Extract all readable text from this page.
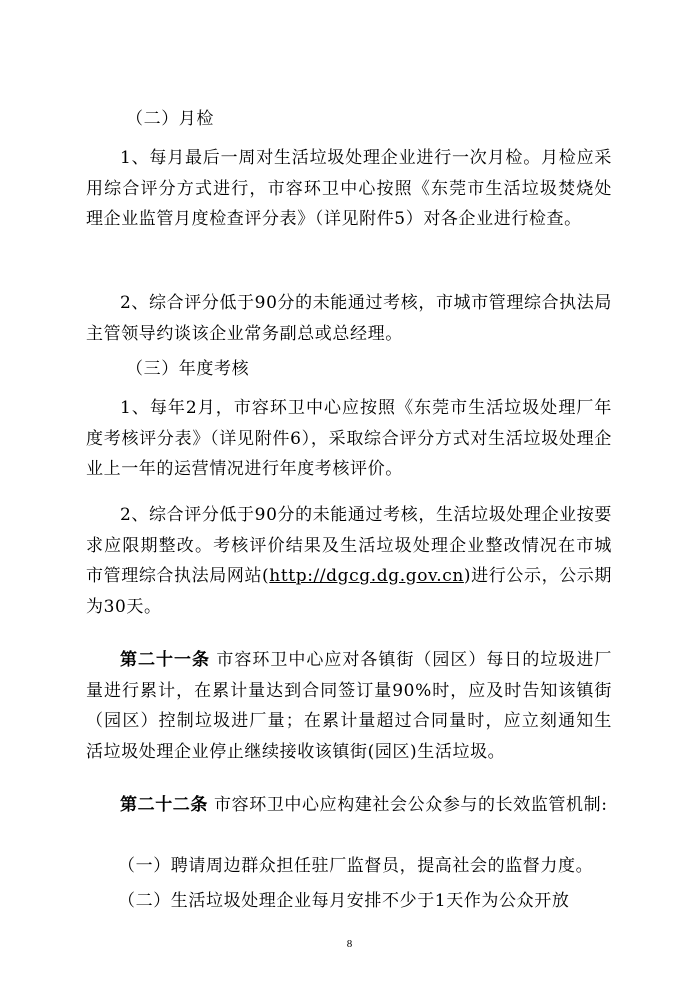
（二）月检

1、每月最后一周对生活垃圾处理企业进行一次月检。月检应采用综合评分方式进行，市容环卫中心按照《东莞市生活垃圾焚烧处理企业监管月度检查评分表》（详见附件5）对各企业进行检查。

2、综合评分低于90分的未能通过考核，市城市管理综合执法局主管领导约谈该企业常务副总或总经理。

（三）年度考核

1、每年2月，市容环卫中心应按照《东莞市生活垃圾处理厂年度考核评分表》（详见附件6），采取综合评分方式对生活垃圾处理企业上一年的运营情况进行年度考核评价。

2、综合评分低于90分的未能通过考核，生活垃圾处理企业按要求应限期整改。考核评价结果及生活垃圾处理企业整改情况在市城市管理综合执法局网站(http://dgcg.dg.gov.cn)进行公示，公示期为30天。

第二十一条 市容环卫中心应对各镇街（园区）每日的垃圾进厂量进行累计，在累计量达到合同签订量90%时，应及时告知该镇街（园区）控制垃圾进厂量；在累计量超过合同量时，应立刻通知生活垃圾处理企业停止继续接收该镇街(园区)生活垃圾。

第二十二条 市容环卫中心应构建社会公众参与的长效监管机制:

（一）聘请周边群众担任驻厂监督员，提高社会的监督力度。

（二）生活垃圾处理企业每月安排不少于1天作为公众开放

8
